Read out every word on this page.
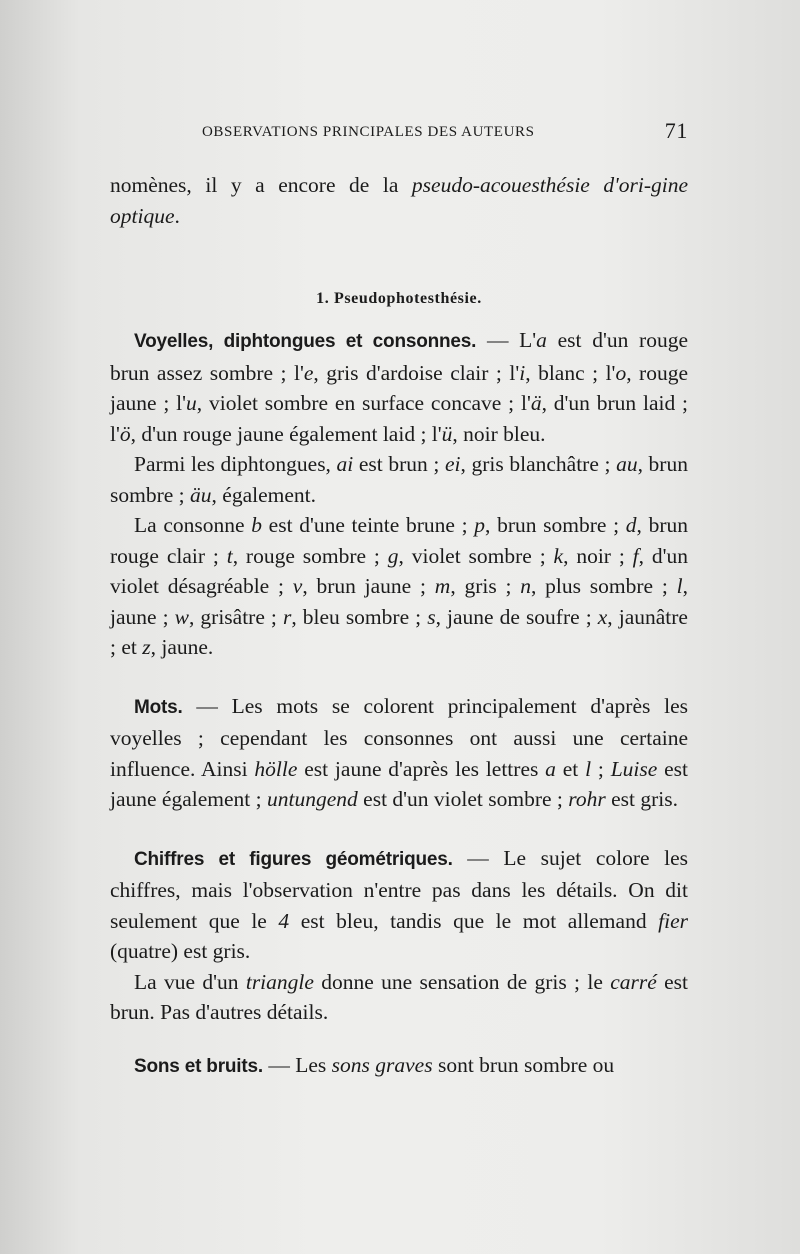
OBSERVATIONS PRINCIPALES DES AUTEURS	71

nomènes, il y a encore de la pseudo-acouesthésie d'ori-gine optique.

1. Pseudophotesthésie.

Voyelles, diphtongues et consonnes. — L'a est d'un rouge brun assez sombre ; l'e, gris d'ardoise clair ; l'i, blanc ; l'o, rouge jaune ; l'u, violet sombre en surface concave ; l'ä, d'un brun laid ; l'ö, d'un rouge jaune également laid ; l'ü, noir bleu.

Parmi les diphtongues, ai est brun ; ei, gris blanchâtre ; au, brun sombre ; äu, également.

La consonne b est d'une teinte brune ; p, brun sombre ; d, brun rouge clair ; t, rouge sombre ; g, violet sombre ; k, noir ; f, d'un violet désagréable ; v, brun jaune ; m, gris ; n, plus sombre ; l, jaune ; w, grisâtre ; r, bleu sombre ; s, jaune de soufre ; x, jaunâtre ; et z, jaune.

Mots. — Les mots se colorent principalement d'après les voyelles ; cependant les consonnes ont aussi une certaine influence. Ainsi hölle est jaune d'après les lettres a et l ; Luise est jaune également ; untungend est d'un violet sombre ; rohr est gris.

Chiffres et figures géométriques. — Le sujet colore les chiffres, mais l'observation n'entre pas dans les détails. On dit seulement que le 4 est bleu, tandis que le mot allemand fier (quatre) est gris.

La vue d'un triangle donne une sensation de gris ; le carré est brun. Pas d'autres détails.

Sons et bruits. — Les sons graves sont brun sombre ou
